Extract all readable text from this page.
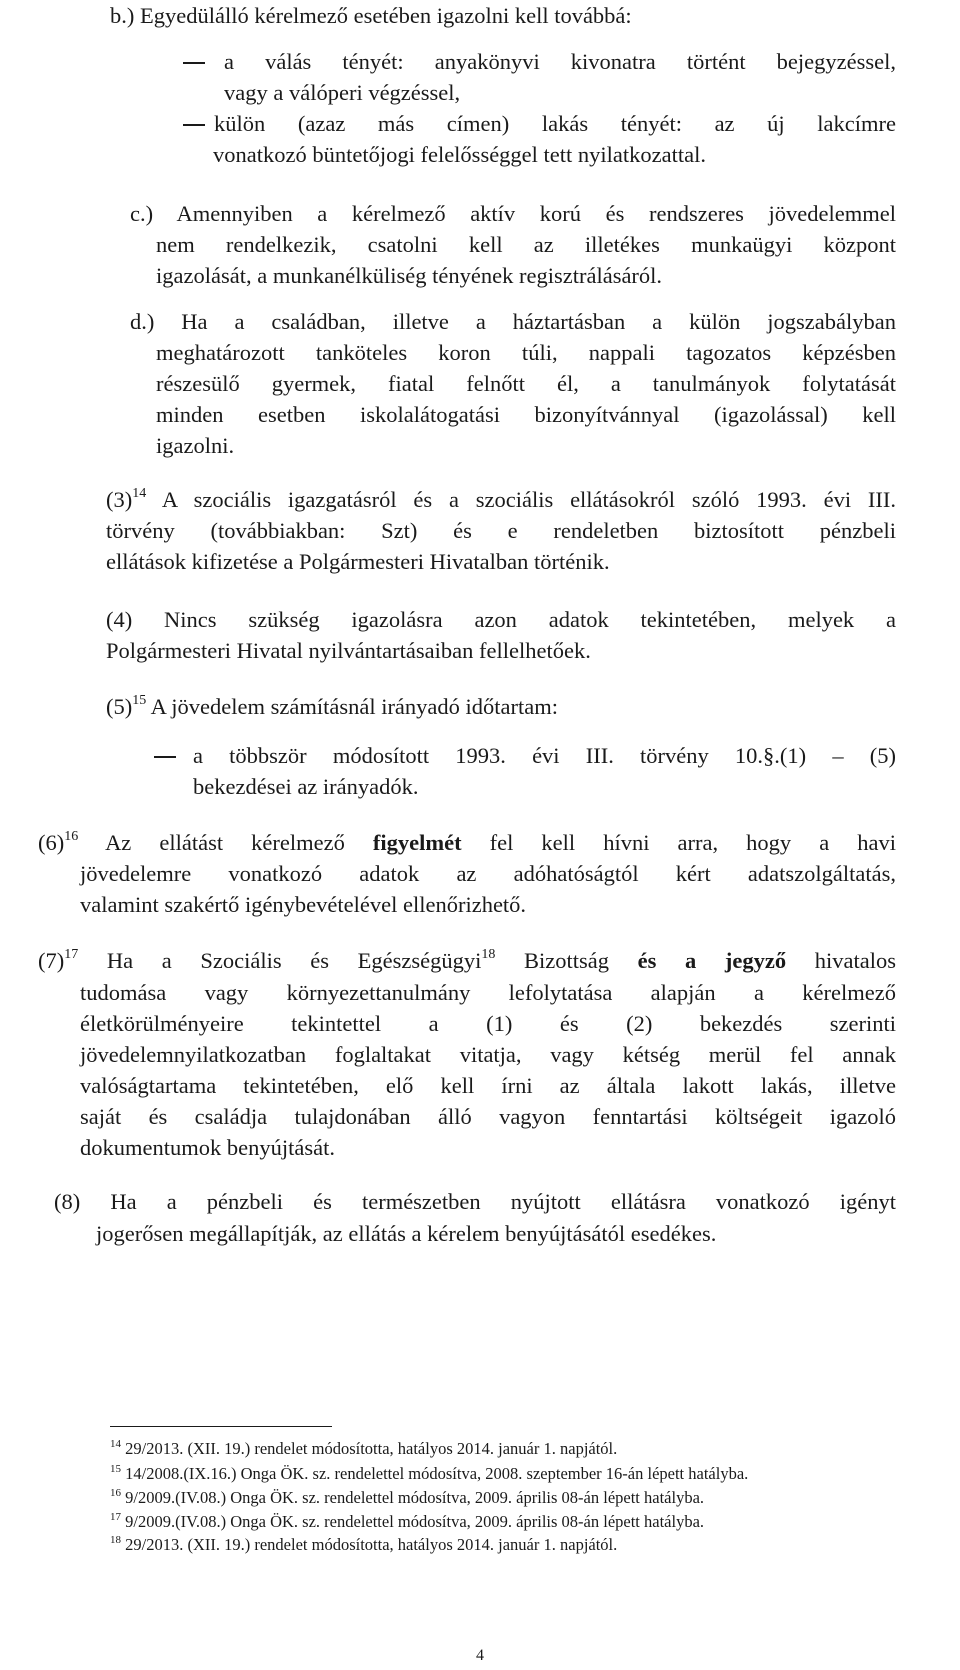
b.) Egyedülálló kérelmező esetében igazolni kell továbbá:
a válás tényét: anyakönyvi kivonatra történt bejegyzéssel,
vagy a válóperi végzéssel,
külön (azaz más címen) lakás tényét: az új lakcímre
vonatkozó büntetőjogi felelősséggel tett nyilatkozattal.
c.) Amennyiben a kérelmező aktív korú és rendszeres jövedelemmel
nem rendelkezik, csatolni kell az illetékes munkaügyi központ
igazolását, a munkanélküliség tényének regisztrálásáról.
d.) Ha a családban, illetve a háztartásban a külön jogszabályban
meghatározott tanköteles koron túli, nappali tagozatos képzésben
részesülő gyermek, fiatal felnőtt él, a tanulmányok folytatását
minden esetben iskolalátogatási bizonyítvánnyal (igazolással) kell
igazolni.
$(3)^{14}$ A szociális igazgatásról és a szociális ellátásokról szóló 1993. évi III.
törvény (továbbiakban: Szt) és e rendeletben biztosított pénzbeli
ellátások kifizetése a Polgármesteri Hivatalban történik.
(4) Nincs szükség igazolásra azon adatok tekintetében, melyek a
Polgármesteri Hivatal nyilvántartásaiban fellelhetőek.
$(5)^{15}$ A jövedelem számításnál irányadó időtartam:
a többször módosított 1993. évi III. törvény 10.§.(1) – (5)
bekezdései az irányadók.
$(6)^{16}$ Az ellátást kérelmező figyelmét fel kell hívni arra, hogy a havi
jövedelemre vonatkozó adatok az adóhatóságtól kért adatszolgáltatás,
valamint szakértő igénybevételével ellenőrizhető.
$(7)^{17}$ Ha a Szociális és Egészségügyi$^{18}$ Bizottság és a jegyző hivatalos
tudomása vagy környezettanulmány lefolytatása alapján a kérelmező
életkörülményeire tekintettel a (1) és (2) bekezdés szerinti
jövedelemnyilatkozatban foglaltakat vitatja, vagy kétség merül fel annak
valóságtartama tekintetében, elő kell írni az általa lakott lakás, illetve
saját és családja tulajdonában álló vagyon fenntartási költségeit igazoló
dokumentumok benyújtását.
(8) Ha a pénzbeli és természetben nyújtott ellátásra vonatkozó igényt
jogerősen megállapítják, az ellátás a kérelem benyújtásától esedékes.
$^{14}$ 29/2013. (XII. 19.) rendelet módosította, hatályos 2014. január 1. napjától.
$^{15}$ 14/2008.(IX.16.) Onga ÖK. sz. rendelettel módosítva, 2008. szeptember 16-án lépett hatályba.
$^{16}$ 9/2009.(IV.08.) Onga ÖK. sz. rendelettel módosítva, 2009. április 08-án lépett hatályba.
$^{17}$ 9/2009.(IV.08.) Onga ÖK. sz. rendelettel módosítva, 2009. április 08-án lépett hatályba.
$^{18}$ 29/2013. (XII. 19.) rendelet módosította, hatályos 2014. január 1. napjától.
4
